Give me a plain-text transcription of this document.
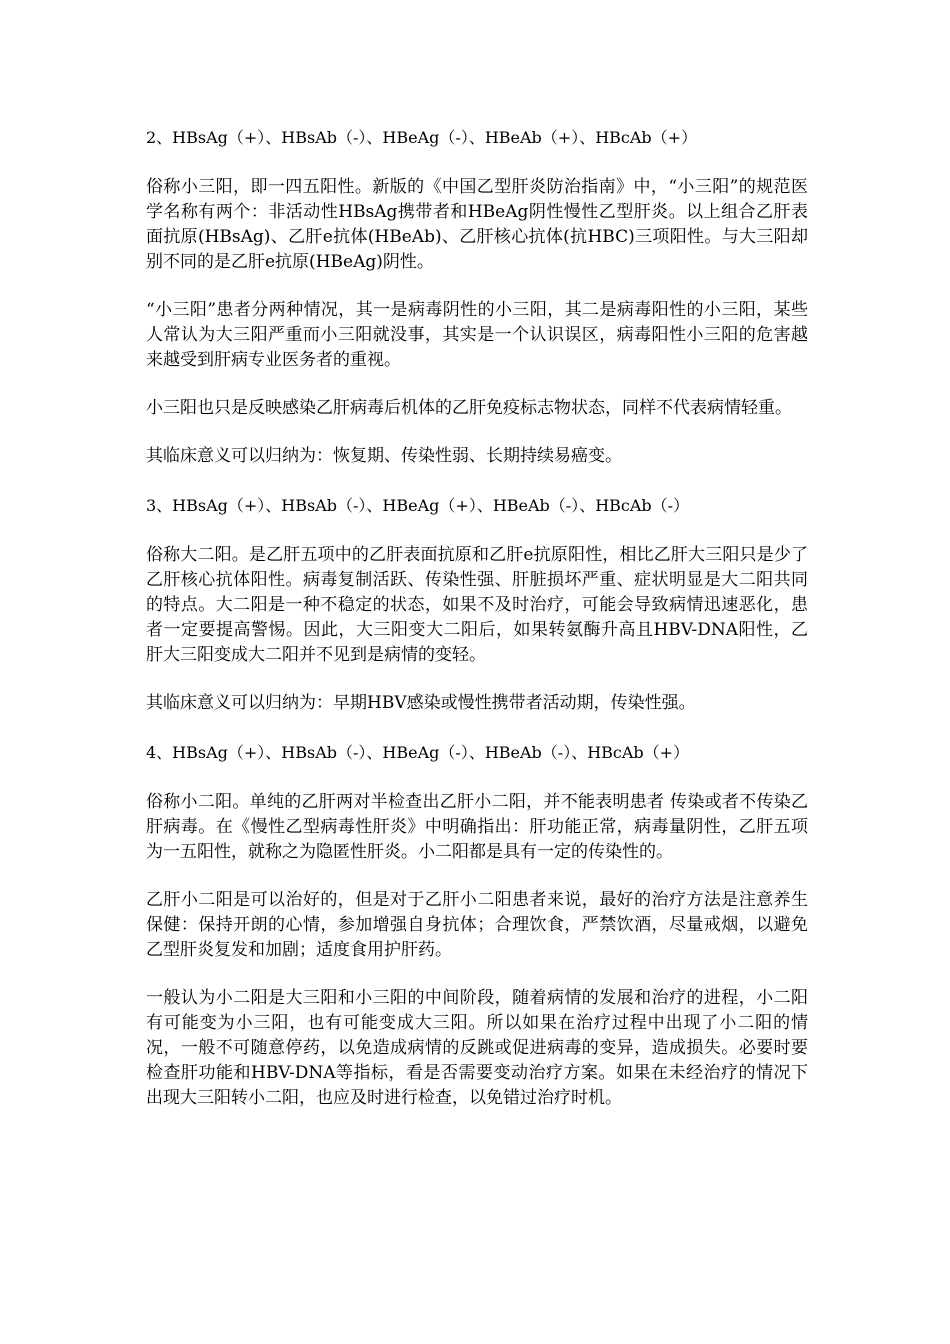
2、HBsAg（+）、HBsAb（-）、HBeAg（-）、HBeAb（+）、HBcAb（+）

俗称小三阳，即一四五阳性。新版的《中国乙型肝炎防治指南》中，“小三阳”的规范医学名称有两个：非活动性HBsAg携带者和HBeAg阴性慢性乙型肝炎。以上组合乙肝表面抗原(HBsAg)、乙肝e抗体(HBeAb)、乙肝核心抗体(抗HBC)三项阳性。与大三阳却别不同的是乙肝e抗原(HBeAg)阴性。

“小三阳”患者分两种情况，其一是病毒阴性的小三阳，其二是病毒阳性的小三阳，某些人常认为大三阳严重而小三阳就没事，其实是一个认识误区，病毒阳性小三阳的危害越来越受到肝病专业医务者的重视。

小三阳也只是反映感染乙肝病毒后机体的乙肝免疫标志物状态，同样不代表病情轻重。

其临床意义可以归纳为：恢复期、传染性弱、长期持续易癌变。

3、HBsAg（+）、HBsAb（-）、HBeAg（+）、HBeAb（-）、HBcAb（-）

俗称大二阳。是乙肝五项中的乙肝表面抗原和乙肝e抗原阳性，相比乙肝大三阳只是少了乙肝核心抗体阳性。病毒复制活跃、传染性强、肝脏损坏严重、症状明显是大二阳共同的特点。大二阳是一种不稳定的状态，如果不及时治疗，可能会导致病情迅速恶化，患者一定要提高警惕。因此，大三阳变大二阳后，如果转氨酶升高且HBV-DNA阳性，乙肝大三阳变成大二阳并不见到是病情的变轻。

其临床意义可以归纳为：早期HBV感染或慢性携带者活动期，传染性强。

4、HBsAg（+）、HBsAb（-）、HBeAg（-）、HBeAb（-）、HBcAb（+）

俗称小二阳。单纯的乙肝两对半检查出乙肝小二阳，并不能表明患者 传染或者不传染乙肝病毒。在《慢性乙型病毒性肝炎》中明确指出：肝功能正常，病毒量阴性，乙肝五项为一五阳性，就称之为隐匿性肝炎。小二阳都是具有一定的传染性的。

乙肝小二阳是可以治好的，但是对于乙肝小二阳患者来说，最好的治疗方法是注意养生保健：保持开朗的心情，参加增强自身抗体；合理饮食，严禁饮酒，尽量戒烟，以避免乙型肝炎复发和加剧；适度食用护肝药。

一般认为小二阳是大三阳和小三阳的中间阶段，随着病情的发展和治疗的进程，小二阳有可能变为小三阳，也有可能变成大三阳。所以如果在治疗过程中出现了小二阳的情况，一般不可随意停药，以免造成病情的反跳或促进病毒的变异，造成损失。必要时要检查肝功能和HBV-DNA等指标，看是否需要变动治疗方案。如果在未经治疗的情况下出现大三阳转小二阳，也应及时进行检查，以免错过治疗时机。
